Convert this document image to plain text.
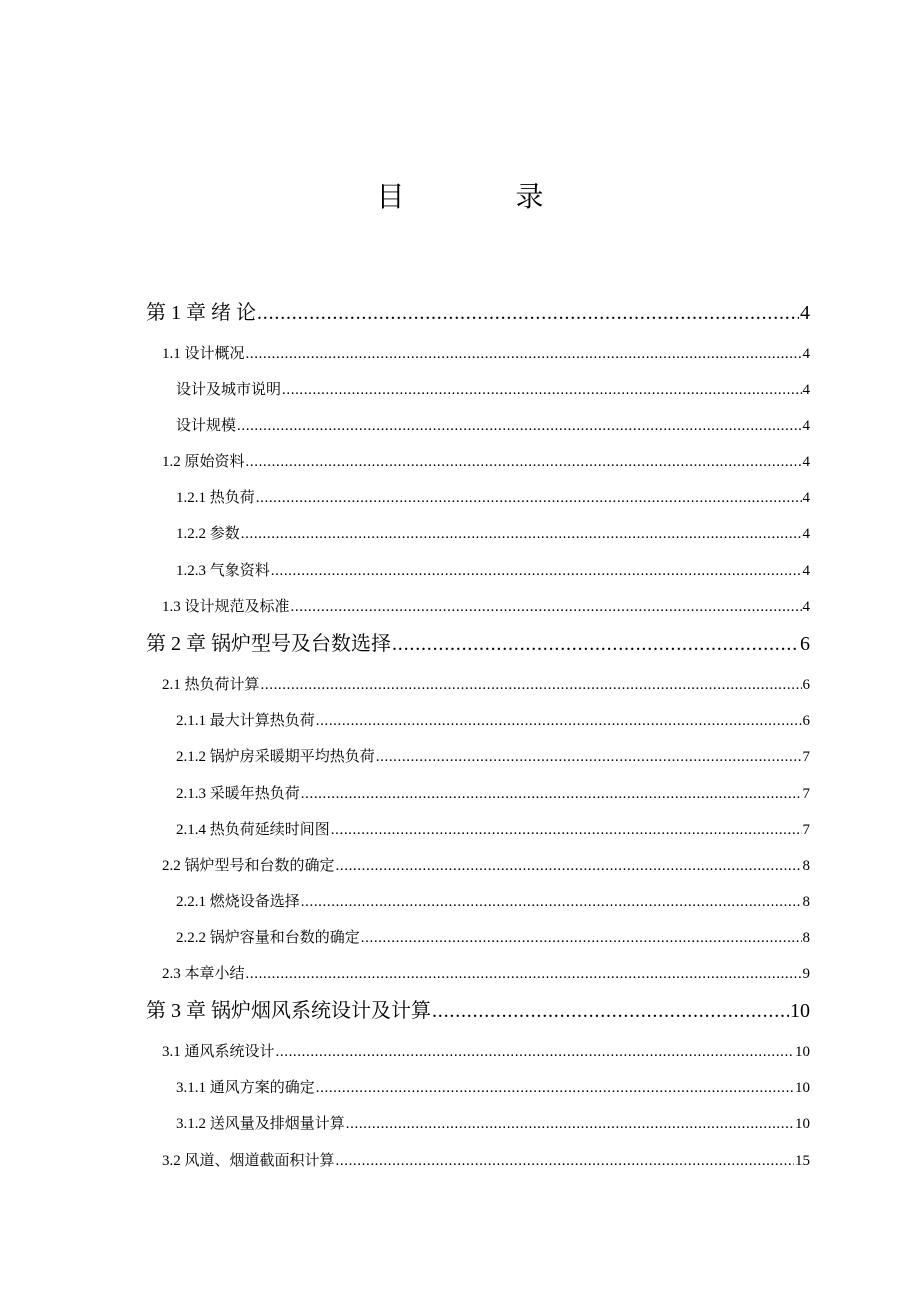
目 录
第 1 章 绪 论 .....	4
1.1 设计概况 .....	4
设计及城市说明 .....	4
设计规模 .....	4
1.2 原始资料 .....	4
1.2.1 热负荷 .....	4
1.2.2 参数 .....	4
1.2.3 气象资料 .....	4
1.3 设计规范及标准 .....	4
第 2 章 锅炉型号及台数选择 .....	6
2.1 热负荷计算 .....	6
2.1.1 最大计算热负荷 .....	6
2.1.2 锅炉房采暖期平均热负荷 .....	7
2.1.3 采暖年热负荷 .....	7
2.1.4 热负荷延续时间图 .....	7
2.2 锅炉型号和台数的确定 .....	8
2.2.1 燃烧设备选择 .....	8
2.2.2 锅炉容量和台数的确定 .....	8
2.3 本章小结 .....	9
第 3 章 锅炉烟风系统设计及计算 .....	10
3.1 通风系统设计 .....	10
3.1.1 通风方案的确定 .....	10
3.1.2 送风量及排烟量计算 .....	10
3.2 风道、烟道截面积计算 .....	15
